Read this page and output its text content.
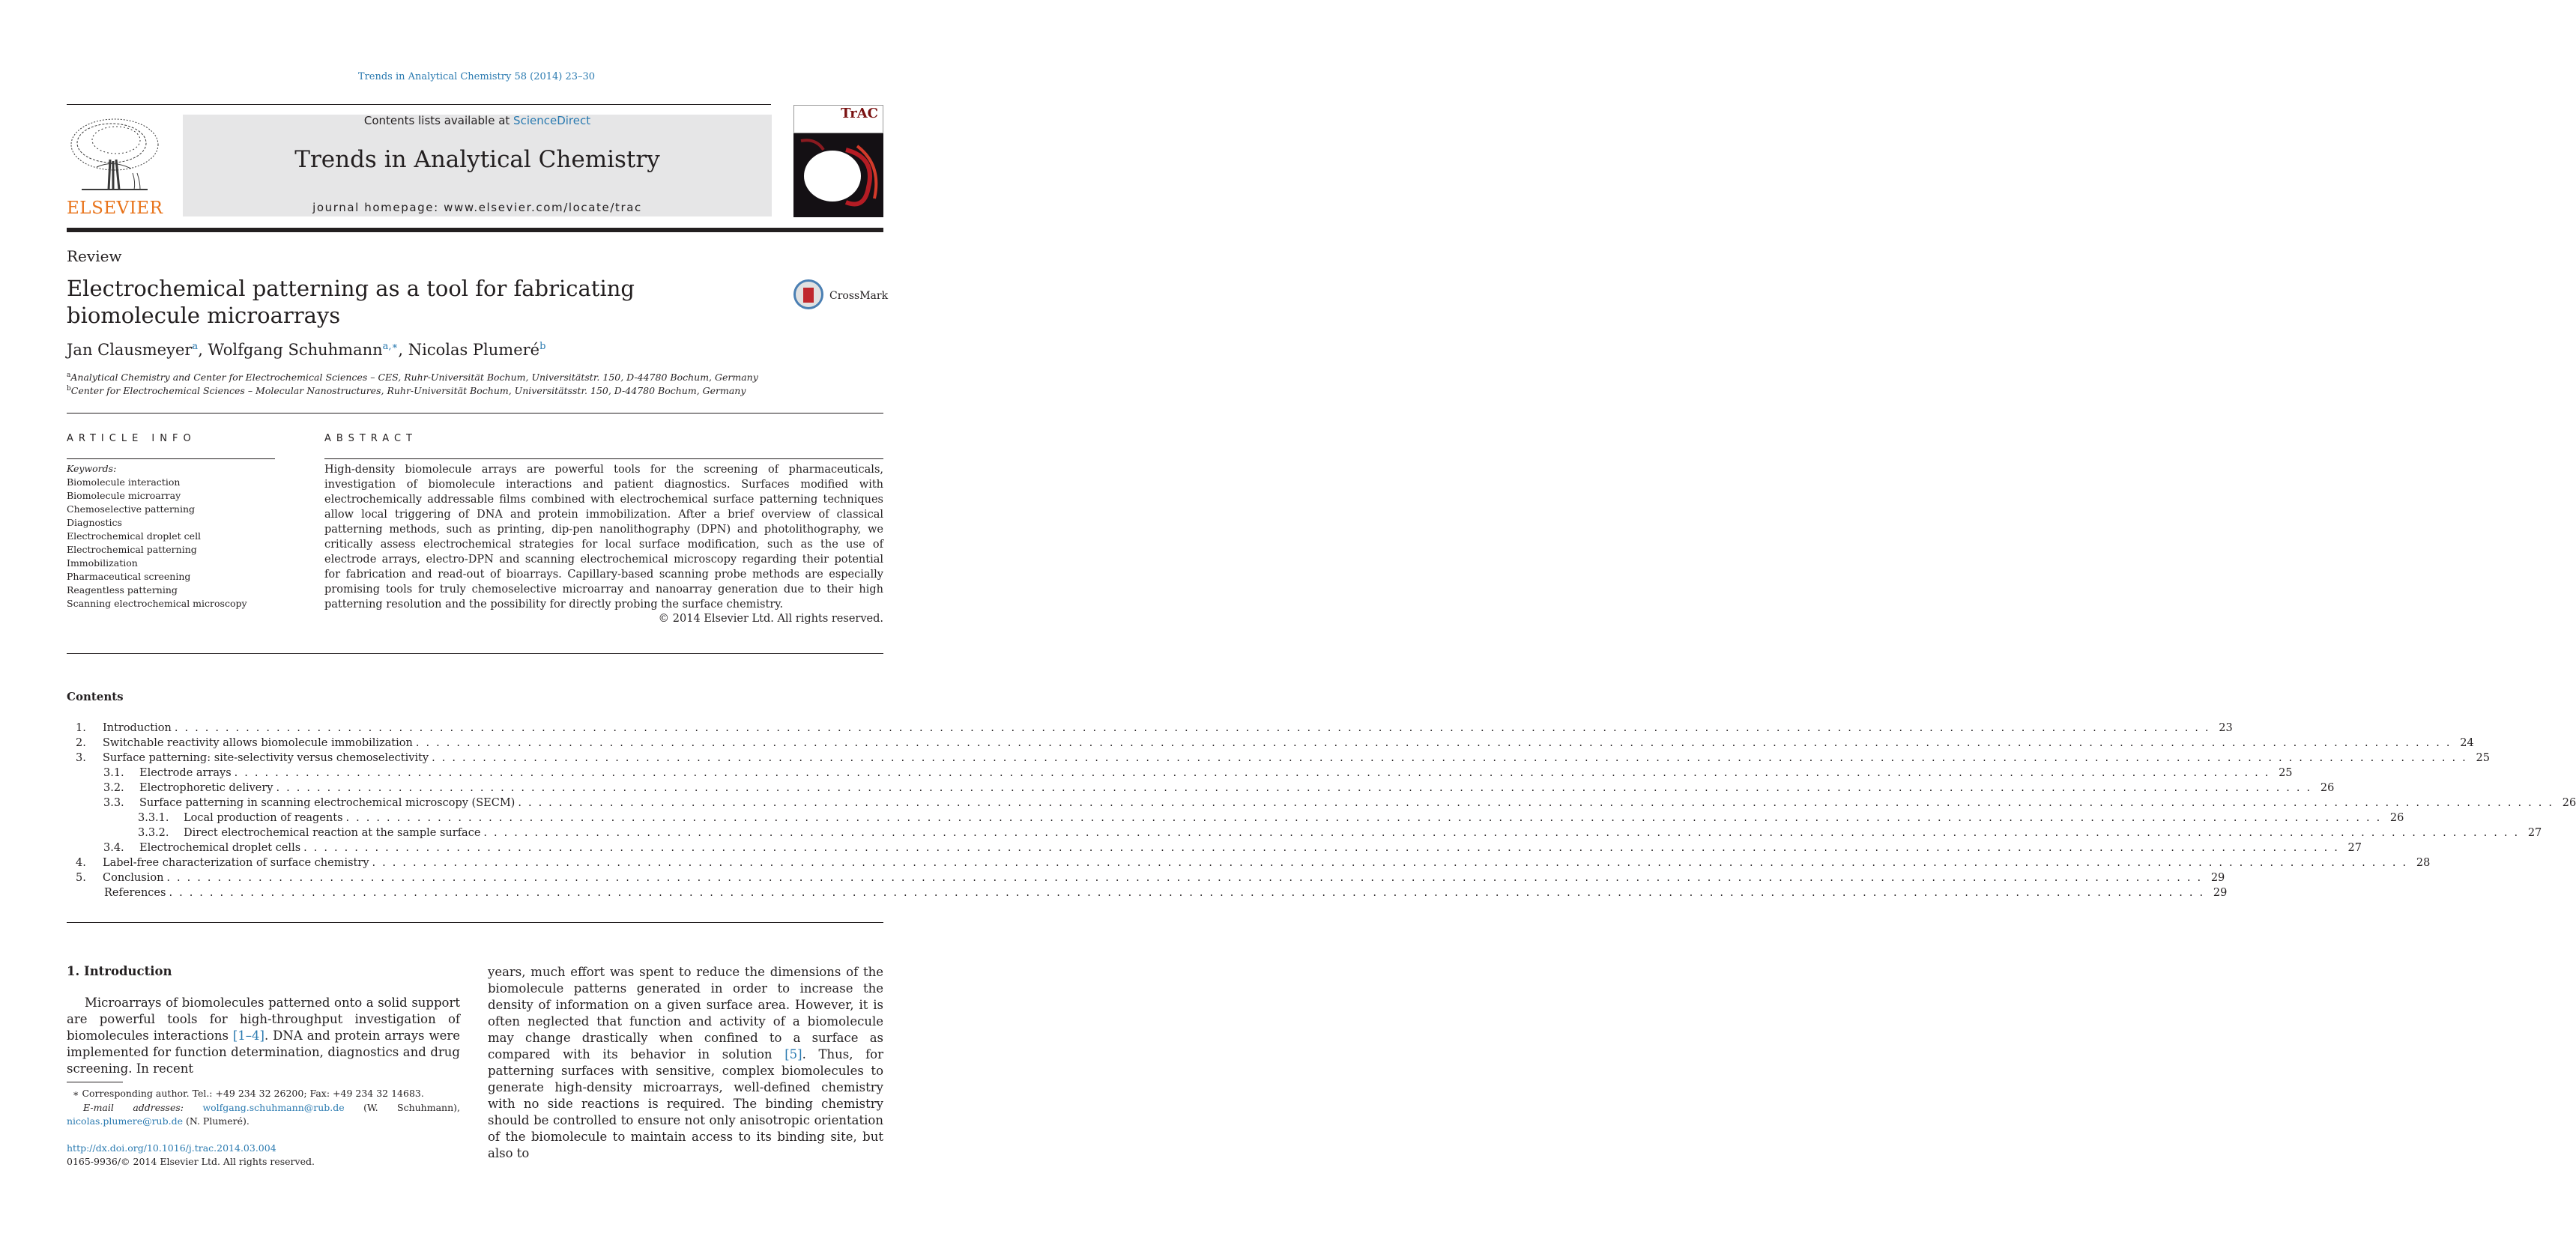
Trends in Analytical Chemistry 58 (2014) 23–30
ELSEVIER
Contents lists available at ScienceDirect
Trends in Analytical Chemistry
journal homepage: www.elsevier.com/locate/trac
TrAC
Review
Electrochemical patterning as a tool for fabricating biomolecule microarrays
CrossMark
Jan Clausmeyer$^a$, Wolfgang Schuhmann$^{a,∗}$, Nicolas Plumeré$^b$
$^a$Analytical Chemistry and Center for Electrochemical Sciences – CES, Ruhr-Universität Bochum, Universitätstr. 150, D-44780 Bochum, Germany
$^b$Center for Electrochemical Sciences – Molecular Nanostructures, Ruhr-Universität Bochum, Universitätsstr. 150, D-44780 Bochum, Germany
ARTICLE INFO
Keywords:
Biomolecule interaction
Biomolecule microarray
Chemoselective patterning
Diagnostics
Electrochemical droplet cell
Electrochemical patterning
Immobilization
Pharmaceutical screening
Reagentless patterning
Scanning electrochemical microscopy
ABSTRACT

High-density biomolecule arrays are powerful tools for the screening of pharmaceuticals, investigation of biomolecule interactions and patient diagnostics. Surfaces modified with electrochemically addressable films combined with electrochemical surface patterning techniques allow local triggering of DNA and protein immobilization. After a brief overview of classical patterning methods, such as printing, dip-pen nanolithography (DPN) and photolithography, we critically assess electrochemical strategies for local surface modification, such as the use of electrode arrays, electro-DPN and scanning electrochemical microscopy regarding their potential for fabrication and read-out of bioarrays. Capillary-based scanning probe methods are especially promising tools for truly chemoselective microarray and nanoarray generation due to their high patterning resolution and the possibility for directly probing the surface chemistry.

© 2014 Elsevier Ltd. All rights reserved.
Contents
1.	Introduction . . . . . . . . . . . . . . . . . . . . . . . . . . . . . . . . . . . . . . . . . . . . . . . . . . . . . . . . . . . . . . . . . . . . . . . . . . . . . . . . . . . . . . . . . . . . . . . . . . . . . . . . . . . . . . . . . . . . . . . . . . . . . . . . . . . . . . . . . . . . . . . . . . . . . . . . . . . . . . . . . . . . . . . . . . . . . . . . . . . . . . . . . . . . . . . . . . . . . . . . 23
2.	Switchable reactivity allows biomolecule immobilization . . . . . . . . . . . . . . . . . . . . . . . . . . . . . . . . . . . . . . . . . . . . . . . . . . . . . . . . . . . . . . . . . . . . . . . . . . . . . . . . . . . . . . . . . . . . . . . . . . . . . . . . . . . . . . . . . . . . . . . . . . . . . . . . . . . . . . . . . . . . . . . . . . . . . . . . . . . . . . . . . . . . . . . . . . . . . . . . . . . . . . . . . . . . . . . . . . . . . . . . 24
3.	Surface patterning: site-selectivity versus chemoselectivity . . . . . . . . . . . . . . . . . . . . . . . . . . . . . . . . . . . . . . . . . . . . . . . . . . . . . . . . . . . . . . . . . . . . . . . . . . . . . . . . . . . . . . . . . . . . . . . . . . . . . . . . . . . . . . . . . . . . . . . . . . . . . . . . . . . . . . . . . . . . . . . . . . . . . . . . . . . . . . . . . . . . . . . . . . . . . . . . . . . . . . . . . . . . . . . . . . . . . . . . 25
3.1.	Electrode arrays . . . . . . . . . . . . . . . . . . . . . . . . . . . . . . . . . . . . . . . . . . . . . . . . . . . . . . . . . . . . . . . . . . . . . . . . . . . . . . . . . . . . . . . . . . . . . . . . . . . . . . . . . . . . . . . . . . . . . . . . . . . . . . . . . . . . . . . . . . . . . . . . . . . . . . . . . . . . . . . . . . . . . . . . . . . . . . . . . . . . . . . . . . . . . . . . . . . . . . . . 25
3.2.	Electrophoretic delivery . . . . . . . . . . . . . . . . . . . . . . . . . . . . . . . . . . . . . . . . . . . . . . . . . . . . . . . . . . . . . . . . . . . . . . . . . . . . . . . . . . . . . . . . . . . . . . . . . . . . . . . . . . . . . . . . . . . . . . . . . . . . . . . . . . . . . . . . . . . . . . . . . . . . . . . . . . . . . . . . . . . . . . . . . . . . . . . . . . . . . . . . . . . . . . . . . . . . . . . . 26
3.3.	Surface patterning in scanning electrochemical microscopy (SECM) . . . . . . . . . . . . . . . . . . . . . . . . . . . . . . . . . . . . . . . . . . . . . . . . . . . . . . . . . . . . . . . . . . . . . . . . . . . . . . . . . . . . . . . . . . . . . . . . . . . . . . . . . . . . . . . . . . . . . . . . . . . . . . . . . . . . . . . . . . . . . . . . . . . . . . . . . . . . . . . . . . . . . . . . . . . . . . . . . . . . . . . . . . . . . . . . . . . . . . . . 26
3.3.1.	Local production of reagents . . . . . . . . . . . . . . . . . . . . . . . . . . . . . . . . . . . . . . . . . . . . . . . . . . . . . . . . . . . . . . . . . . . . . . . . . . . . . . . . . . . . . . . . . . . . . . . . . . . . . . . . . . . . . . . . . . . . . . . . . . . . . . . . . . . . . . . . . . . . . . . . . . . . . . . . . . . . . . . . . . . . . . . . . . . . . . . . . . . . . . . . . . . . . . . . . . . . . . . . 26
3.3.2.	Direct electrochemical reaction at the sample surface . . . . . . . . . . . . . . . . . . . . . . . . . . . . . . . . . . . . . . . . . . . . . . . . . . . . . . . . . . . . . . . . . . . . . . . . . . . . . . . . . . . . . . . . . . . . . . . . . . . . . . . . . . . . . . . . . . . . . . . . . . . . . . . . . . . . . . . . . . . . . . . . . . . . . . . . . . . . . . . . . . . . . . . . . . . . . . . . . . . . . . . . . . . . . . . . . . . . . . . . 27
3.4.	Electrochemical droplet cells . . . . . . . . . . . . . . . . . . . . . . . . . . . . . . . . . . . . . . . . . . . . . . . . . . . . . . . . . . . . . . . . . . . . . . . . . . . . . . . . . . . . . . . . . . . . . . . . . . . . . . . . . . . . . . . . . . . . . . . . . . . . . . . . . . . . . . . . . . . . . . . . . . . . . . . . . . . . . . . . . . . . . . . . . . . . . . . . . . . . . . . . . . . . . . . . . . . . . . . . 27
4.	Label-free characterization of surface chemistry . . . . . . . . . . . . . . . . . . . . . . . . . . . . . . . . . . . . . . . . . . . . . . . . . . . . . . . . . . . . . . . . . . . . . . . . . . . . . . . . . . . . . . . . . . . . . . . . . . . . . . . . . . . . . . . . . . . . . . . . . . . . . . . . . . . . . . . . . . . . . . . . . . . . . . . . . . . . . . . . . . . . . . . . . . . . . . . . . . . . . . . . . . . . . . . . . . . . . . . . 28
5.	Conclusion . . . . . . . . . . . . . . . . . . . . . . . . . . . . . . . . . . . . . . . . . . . . . . . . . . . . . . . . . . . . . . . . . . . . . . . . . . . . . . . . . . . . . . . . . . . . . . . . . . . . . . . . . . . . . . . . . . . . . . . . . . . . . . . . . . . . . . . . . . . . . . . . . . . . . . . . . . . . . . . . . . . . . . . . . . . . . . . . . . . . . . . . . . . . . . . . . . . . . . . . 29
References . . . . . . . . . . . . . . . . . . . . . . . . . . . . . . . . . . . . . . . . . . . . . . . . . . . . . . . . . . . . . . . . . . . . . . . . . . . . . . . . . . . . . . . . . . . . . . . . . . . . . . . . . . . . . . . . . . . . . . . . . . . . . . . . . . . . . . . . . . . . . . . . . . . . . . . . . . . . . . . . . . . . . . . . . . . . . . . . . . . . . . . . . . . . . . . . . . . . . . . . 29
1. Introduction

Microarrays of biomolecules patterned onto a solid support are powerful tools for high-throughput investigation of biomolecules interactions [1–4]. DNA and protein arrays were implemented for function determination, diagnostics and drug screening. In recent

years, much effort was spent to reduce the dimensions of the biomolecule patterns generated in order to increase the density of information on a given surface area. However, it is often neglected that function and activity of a biomolecule may change drastically when confined to a surface as compared with its behavior in solution [5]. Thus, for patterning surfaces with sensitive, complex biomolecules to generate high-density microarrays, well-defined chemistry with no side reactions is required. The binding chemistry should be controlled to ensure not only anisotropic orientation of the biomolecule to maintain access to its binding site, but also to

∗ Corresponding author. Tel.: +49 234 32 26200; Fax: +49 234 32 14683.
E-mail addresses: wolfgang.schuhmann@rub.de (W. Schuhmann), nicolas.plumere@rub.de (N. Plumeré).
http://dx.doi.org/10.1016/j.trac.2014.03.004
0165-9936/© 2014 Elsevier Ltd. All rights reserved.
